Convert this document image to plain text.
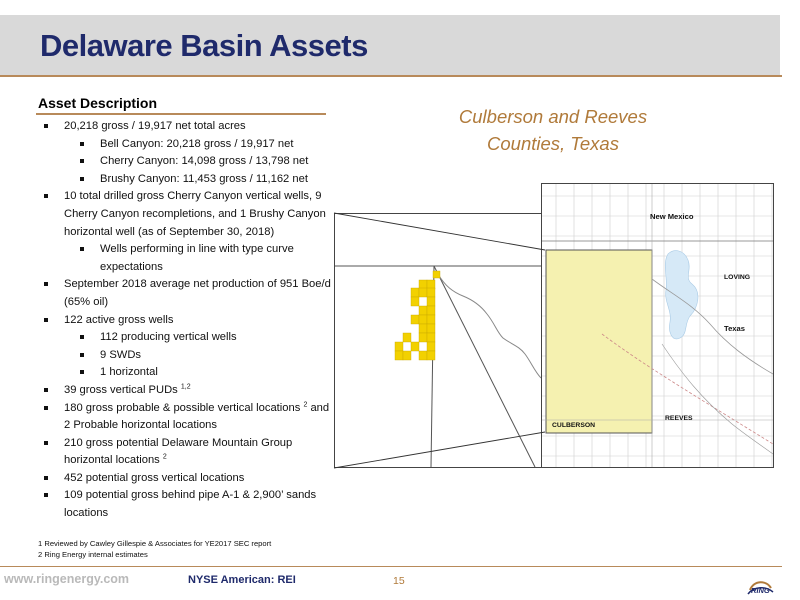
Delaware Basin Assets
Asset Description
20,218 gross / 19,917 net total acres
Bell Canyon: 20,218 gross / 19,917 net
Cherry Canyon: 14,098 gross / 13,798 net
Brushy Canyon: 11,453 gross / 11,162 net
10 total drilled gross Cherry Canyon vertical wells, 9 Cherry Canyon recompletions, and 1 Brushy Canyon horizontal well (as of September 30, 2018)
Wells performing in line with type curve expectations
September 2018 average net production of 951 Boe/d (65% oil)
122 active gross wells
112 producing vertical wells
9 SWDs
1 horizontal
39 gross vertical PUDs $^{1,2}$
180 gross probable & possible vertical locations $^2$ and 2 Probable horizontal locations
210 gross potential Delaware Mountain Group horizontal locations $^2$
452 potential gross vertical locations
109 potential gross behind pipe A-1 & 2,900’ sands locations
1 Reviewed by Cawley Gillespie & Associates for YE2017 SEC report
2 Ring Energy internal estimates
Culberson and Reeves
Counties, Texas
New Mexico
LOVING
Texas
REEVES
CULBERSON
www.ringenergy.com	NYSE American: REI	15
RING
